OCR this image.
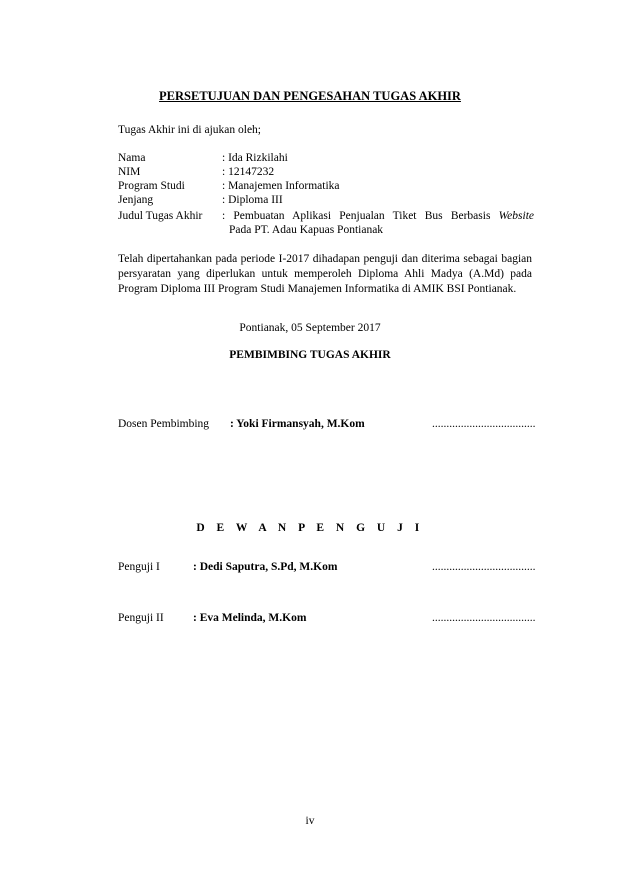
PERSETUJUAN DAN PENGESAHAN TUGAS AKHIR
Tugas Akhir ini di ajukan oleh;
Nama	: Ida Rizkilahi
NIM	: 12147232
Program Studi	: Manajemen Informatika
Jenjang	: Diploma III
Judul Tugas Akhir : Pembuatan Aplikasi Penjualan Tiket Bus Berbasis Website
Pada PT. Adau Kapuas Pontianak
Telah dipertahankan pada periode I-2017 dihadapan penguji dan diterima sebagai bagian persyaratan yang diperlukan untuk memperoleh Diploma Ahli Madya (A.Md) pada Program Diploma III Program Studi Manajemen Informatika di AMIK BSI Pontianak.
Pontianak, 05 September 2017
PEMBIMBING TUGAS AKHIR
Dosen Pembimbing : Yoki Firmansyah, M.Kom	....................................
D E W A N P E N G U J I
Penguji I	: Dedi Saputra, S.Pd, M.Kom	....................................
Penguji II	: Eva Melinda, M.Kom	....................................
iv
